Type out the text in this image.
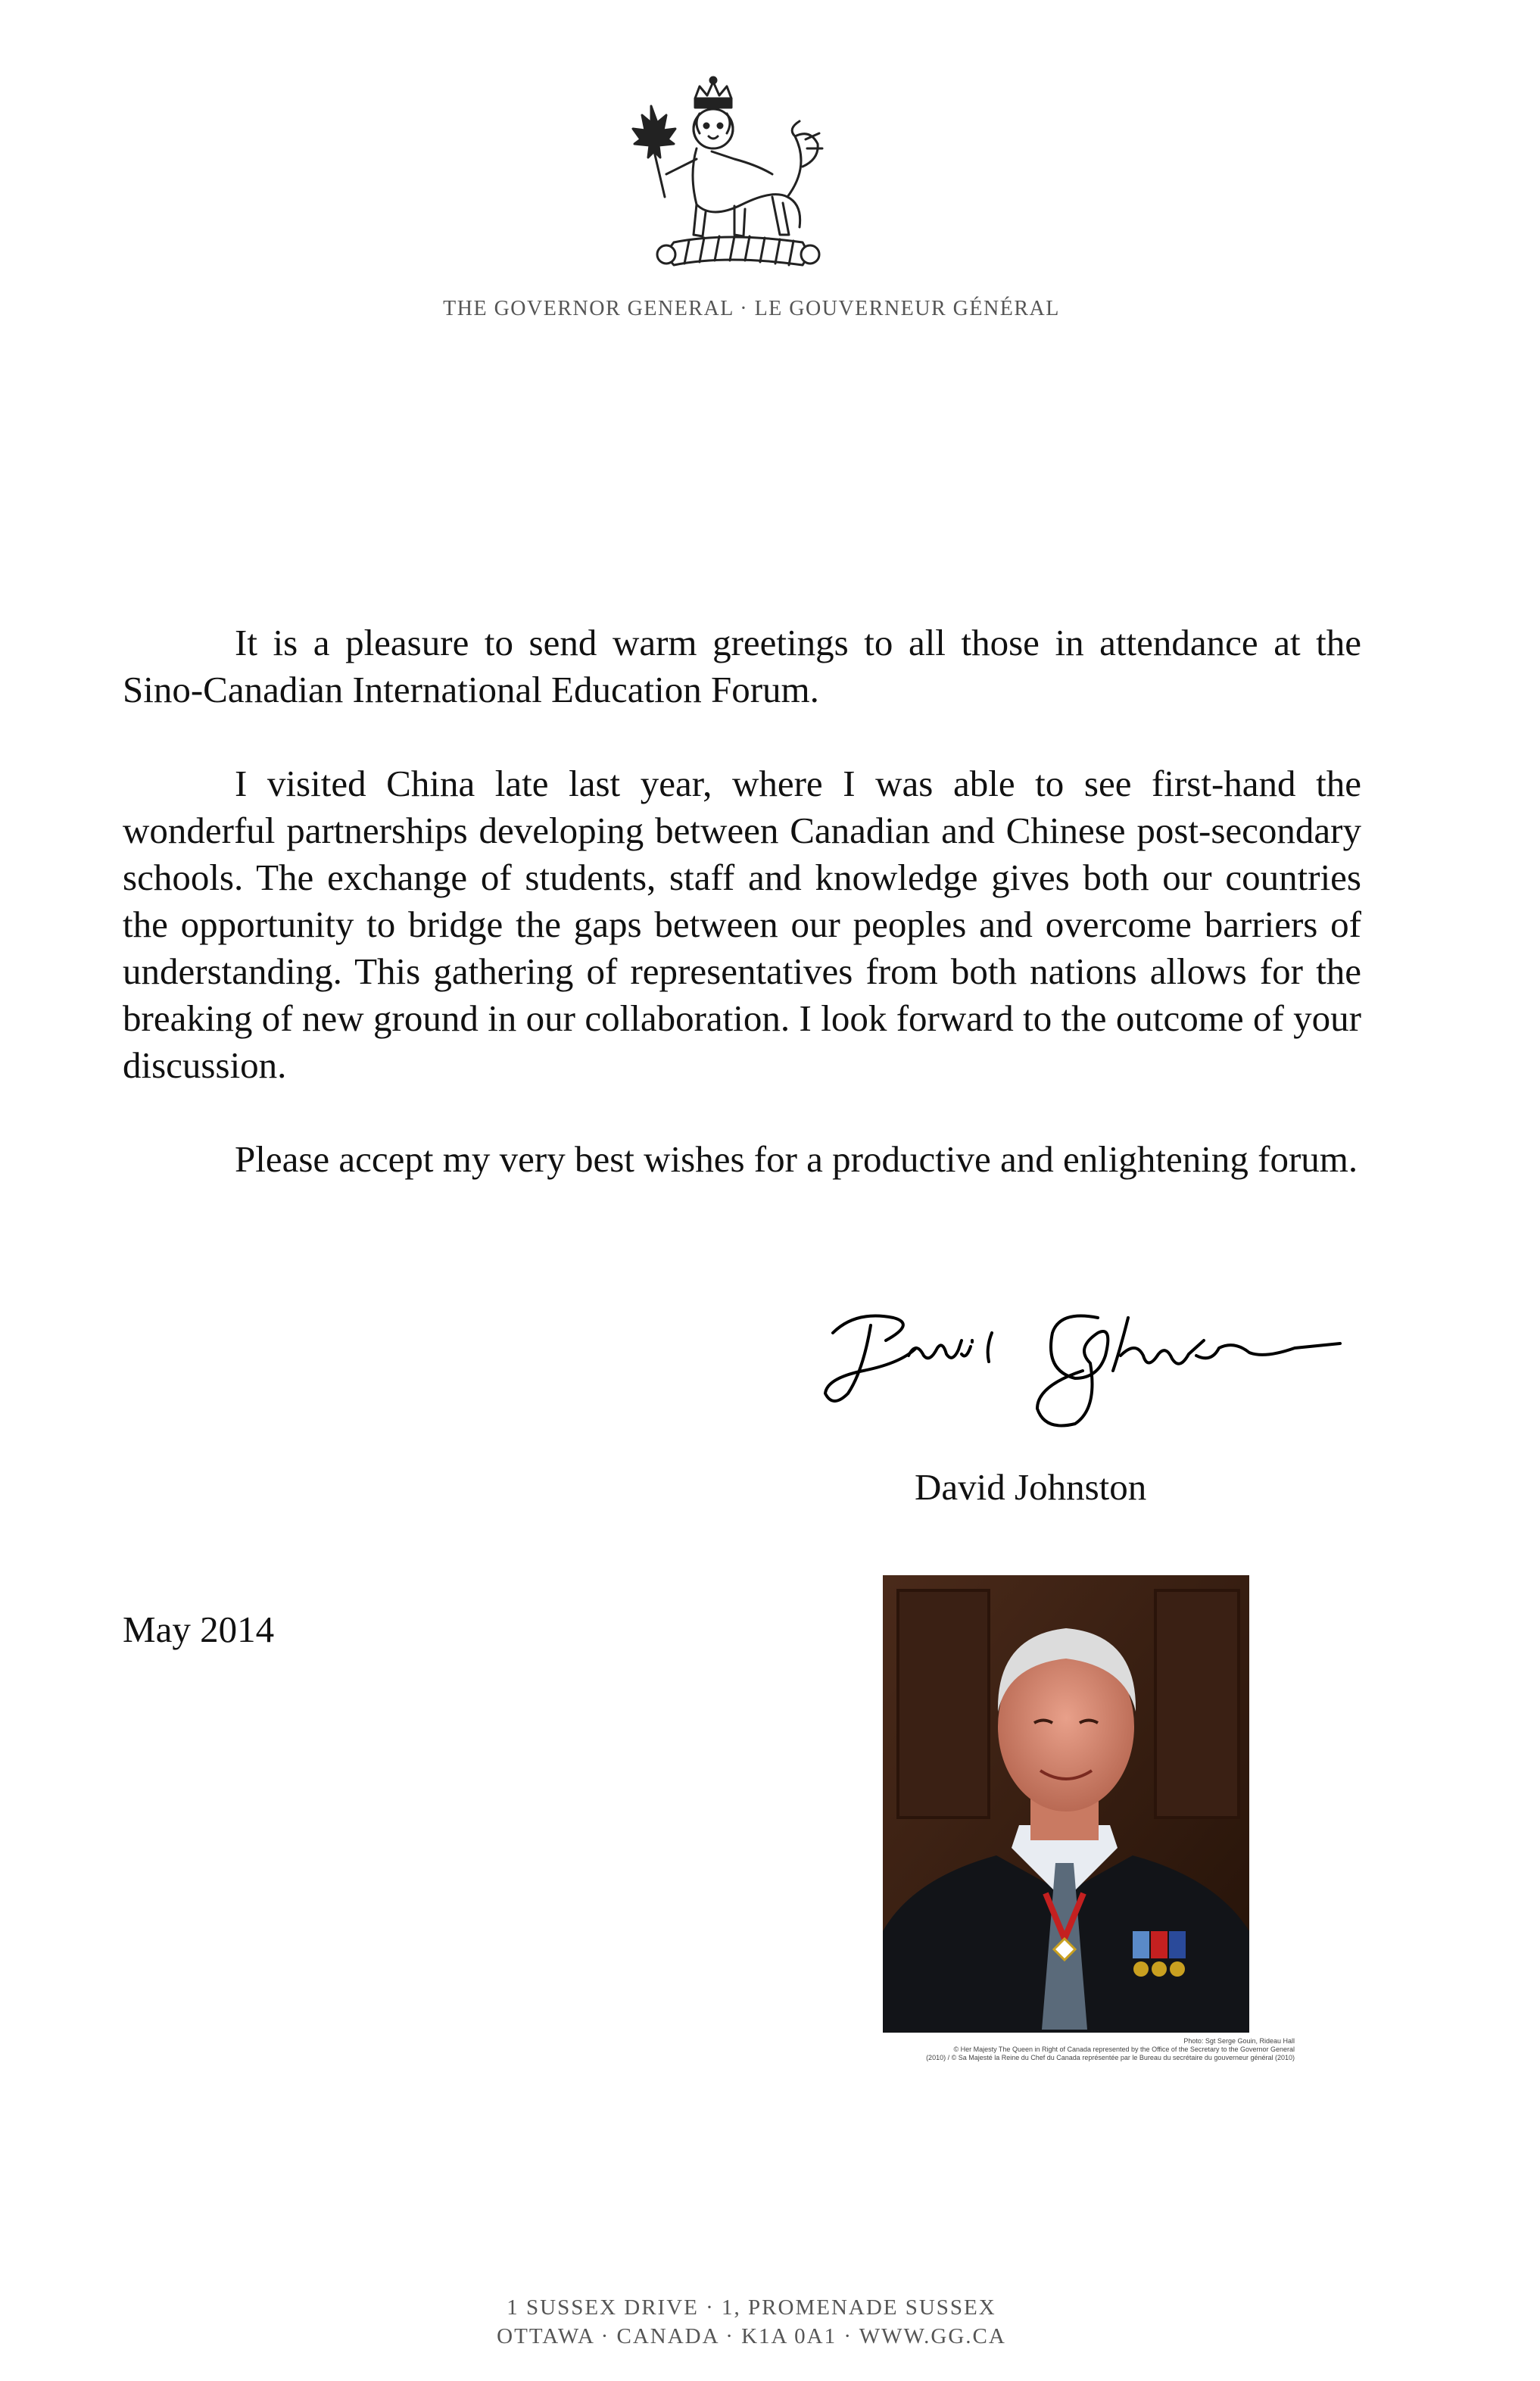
THE GOVERNOR GENERAL · LE GOUVERNEUR GÉNÉRAL

It is a pleasure to send warm greetings to all those in attendance at the Sino-Canadian International Education Forum.

I visited China late last year, where I was able to see first-hand the wonderful partnerships developing between Canadian and Chinese post-secondary schools. The exchange of students, staff and knowledge gives both our countries the opportunity to bridge the gaps between our peoples and overcome barriers of understanding. This gathering of representatives from both nations allows for the breaking of new ground in our collaboration. I look forward to the outcome of your discussion.

Please accept my very best wishes for a productive and enlightening forum.

David Johnston
May 2014
Photo: Sgt Serge Gouin, Rideau Hall
© Her Majesty The Queen in Right of Canada represented by the Office of the Secretary to the Governor General
(2010) / © Sa Majesté la Reine du Chef du Canada représentée par le Bureau du secrétaire du gouverneur général (2010)
1 SUSSEX DRIVE · 1, PROMENADE SUSSEX
OTTAWA · CANADA · K1A 0A1 · WWW.GG.CA
